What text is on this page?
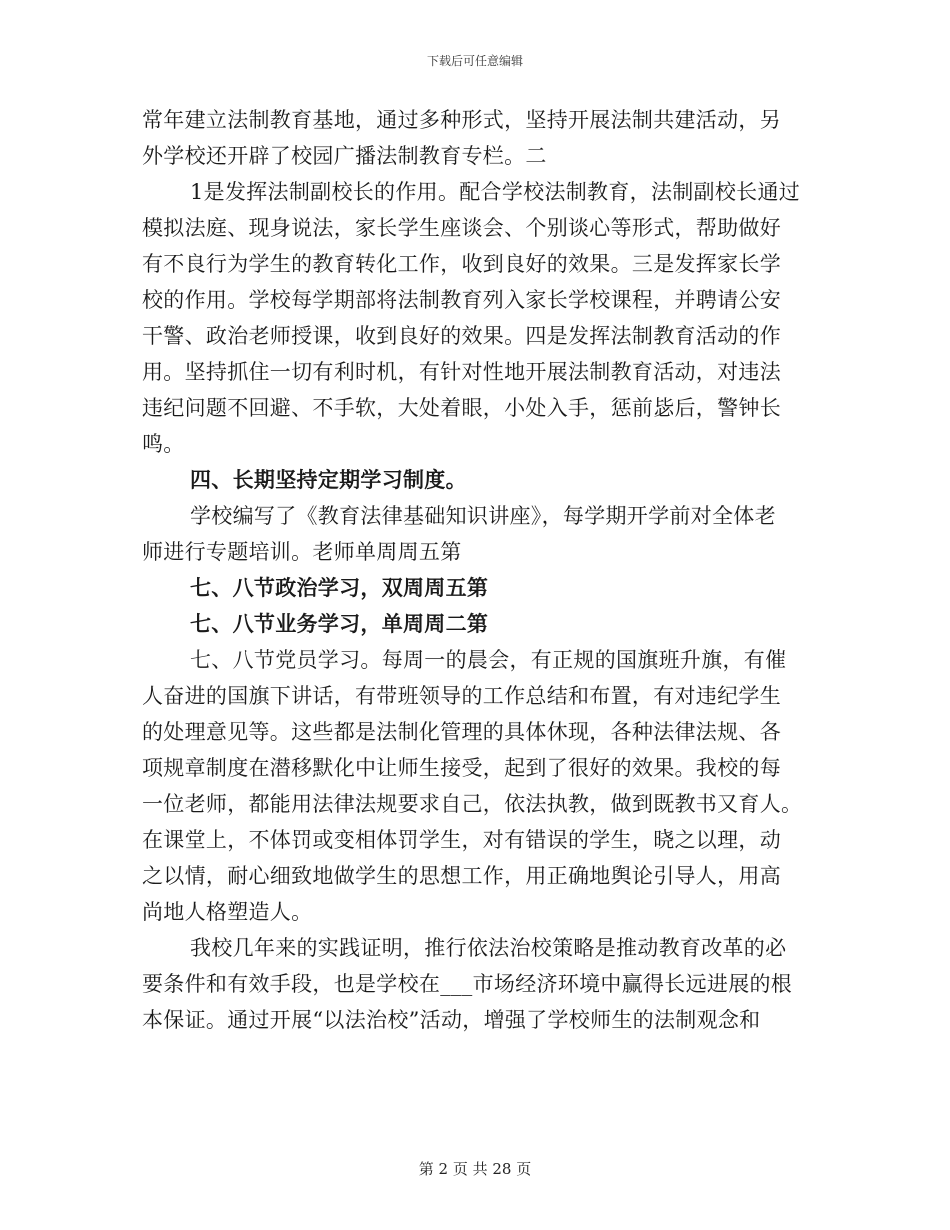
下载后可任意编辑
常年建立法制教育基地，通过多种形式，坚持开展法制共建活动，另
外学校还开辟了校园广播法制教育专栏。二
1是发挥法制副校长的作用。配合学校法制教育，法制副校长通过
模拟法庭、现身说法，家长学生座谈会、个别谈心等形式，帮助做好
有不良行为学生的教育转化工作，收到良好的效果。三是发挥家长学
校的作用。学校每学期部将法制教育列入家长学校课程，并聘请公安
干警、政治老师授课，收到良好的效果。四是发挥法制教育活动的作
用。坚持抓住一切有利时机，有针对性地开展法制教育活动，对违法
违纪问题不回避、不手软，大处着眼，小处入手，惩前毖后，警钟长
鸣。
四、长期坚持定期学习制度。
学校编写了《教育法律基础知识讲座》，每学期开学前对全体老
师进行专题培训。老师单周周五第
七、八节政治学习，双周周五第
七、八节业务学习，单周周二第
七、八节党员学习。每周一的晨会，有正规的国旗班升旗，有催
人奋进的国旗下讲话，有带班领导的工作总结和布置，有对违纪学生
的处理意见等。这些都是法制化管理的具体休现，各种法律法规、各
项规章制度在潜移默化中让师生接受，起到了很好的效果。我校的每
一位老师，都能用法律法规要求自己，依法执教，做到既教书又育人。
在课堂上，不体罚或变相体罚学生，对有错误的学生，晓之以理，动
之以情，耐心细致地做学生的思想工作，用正确地舆论引导人，用高
尚地人格塑造人。
我校几年来的实践证明，推行依法治校策略是推动教育改革的必
要条件和有效手段，也是学校在___市场经济环境中赢得长远进展的根
本保证。通过开展“以法治校”活动，增强了学校师生的法制观念和
第 2 页 共 28 页
